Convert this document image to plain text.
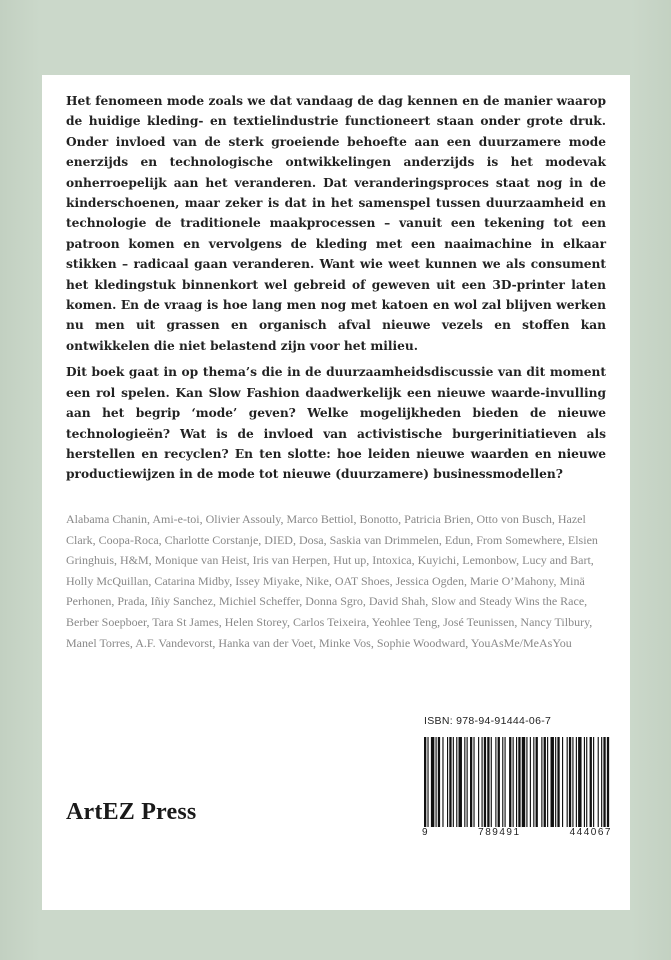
Het fenomeen mode zoals we dat vandaag de dag kennen en de manier waarop de huidige kleding- en textielindustrie functioneert staan onder grote druk. Onder invloed van de sterk groeiende behoefte aan een duurzamere mode enerzijds en technologische ontwikkelingen anderzijds is het modevak onherroepelijk aan het veranderen. Dat veranderingsproces staat nog in de kinderschoenen, maar zeker is dat in het samenspel tussen duurzaamheid en technologie de traditionele maakprocessen – vanuit een tekening tot een patroon komen en vervolgens de kleding met een naaimachine in elkaar stikken – radicaal gaan veranderen. Want wie weet kunnen we als consument het kledingstuk binnenkort wel gebreid of geweven uit een 3D-printer laten komen. En de vraag is hoe lang men nog met katoen en wol zal blijven werken nu men uit grassen en organisch afval nieuwe vezels en stoffen kan ontwikkelen die niet belastend zijn voor het milieu.

Dit boek gaat in op thema’s die in de duurzaamheidsdiscussie van dit moment een rol spelen. Kan Slow Fashion daadwerkelijk een nieuwe waarde-invulling aan het begrip ‘mode’ geven? Welke mogelijkheden bieden de nieuwe technologieën? Wat is de invloed van activistische burgerinitiatieven als herstellen en recyclen? En ten slotte: hoe leiden nieuwe waarden en nieuwe productiewijzen in de mode tot nieuwe (duurzamere) businessmodellen?

Alabama Chanin, Ami-e-toi, Olivier Assouly, Marco Bettiol, Bonotto, Patricia Brien, Otto von Busch, Hazel Clark, Coopa-Roca, Charlotte Corstanje, DIED, Dosa, Saskia van Drimmelen, Edun, From Somewhere, Elsien Gringhuis, H&M, Monique van Heist, Iris van Herpen, Hut up, Intoxica, Kuyichi, Lemonbow, Lucy and Bart, Holly McQuillan, Catarina Midby, Issey Miyake, Nike, OAT Shoes, Jessica Ogden, Marie O’Mahony, Minä Perhonen, Prada, Iñiy Sanchez, Michiel Scheffer, Donna Sgro, David Shah, Slow and Steady Wins the Race, Berber Soepboer, Tara St James, Helen Storey, Carlos Teixeira, Yeohlee Teng, José Teunissen, Nancy Tilbury, Manel Torres, A.F. Vandevorst, Hanka van der Voet, Minke Vos, Sophie Woodward, YouAsMe/MeAsYou

ArtEZ Press
ISBN: 978-94-91444-06-7
9	789491	444067
